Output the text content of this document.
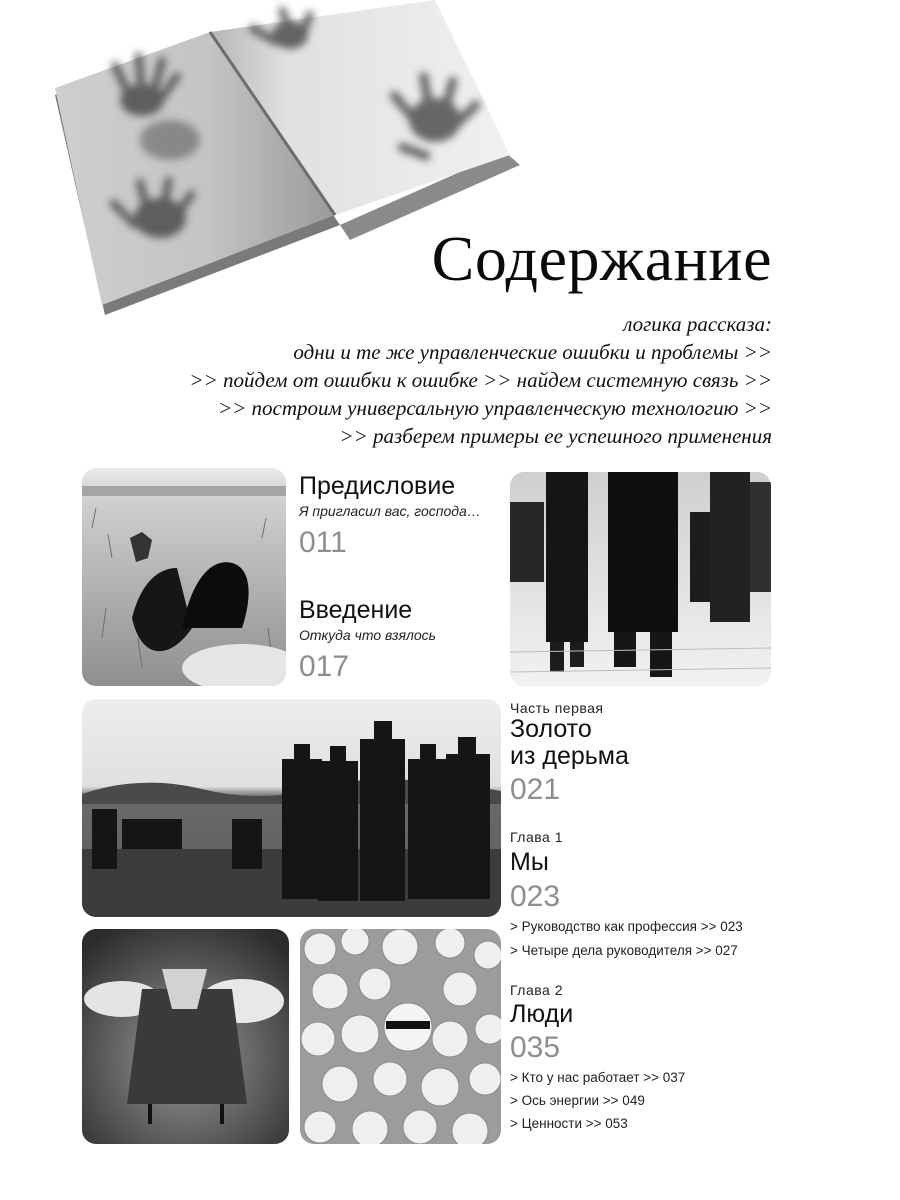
Содержание
логика рассказа:
одни и те же управленческие ошибки и проблемы >>
>> пойдем от ошибки к ошибке >> найдем системную связь >>
>> построим универсальную управленческую технологию >>
>> разберем примеры ее успешного применения
Предисловие
Я пригласил вас, господа…
011
Введение
Откуда что взялось
017
Часть первая
Золото
из дерьма
021
Глава 1
Мы
023
> Руководство как профессия >> 023
> Четыре дела руководителя >> 027
Глава 2
Люди
035
> Кто у нас работает >> 037
> Ось энергии >> 049
> Ценности >> 053
